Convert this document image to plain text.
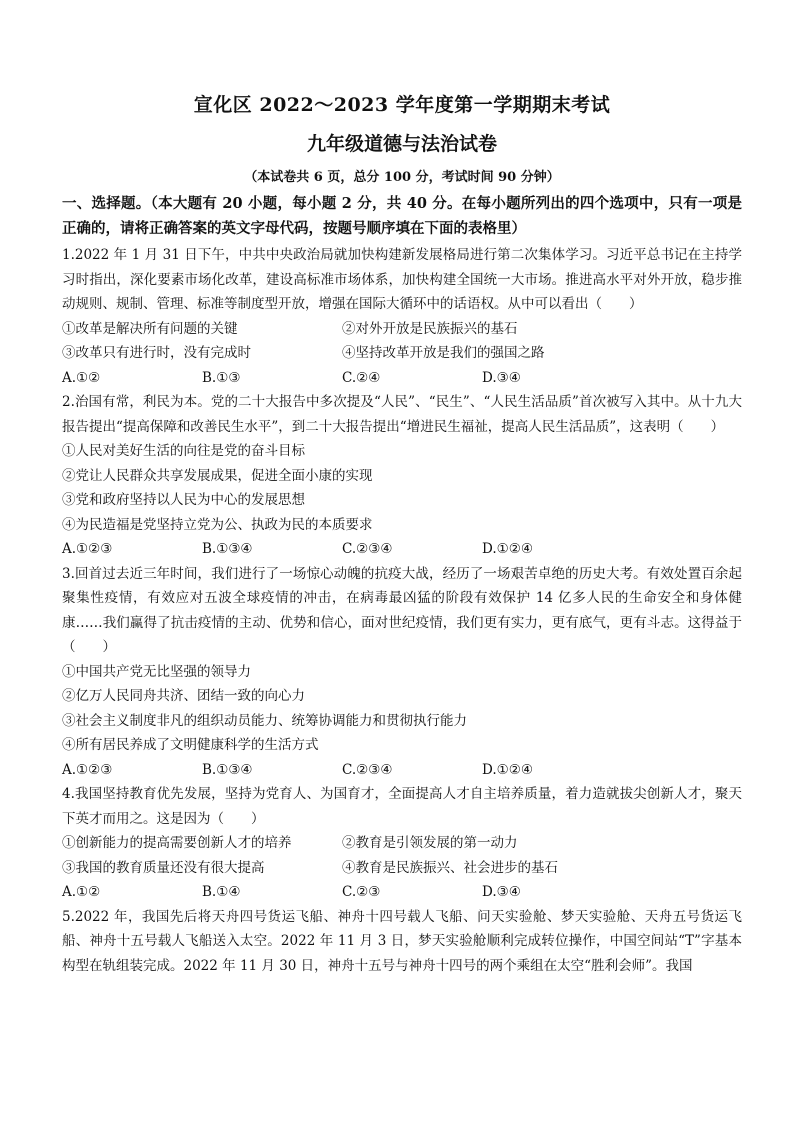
宣化区 2022～2023 学年度第一学期期末考试
九年级道德与法治试卷
（本试卷共 6 页，总分 100 分，考试时间 90 分钟）
一、选择题。（本大题有 20 小题，每小题 2 分，共 40 分。在每小题所列出的四个选项中，只有一项是正确的，请将正确答案的英文字母代码，按题号顺序填在下面的表格里）

1.2022 年 1 月 31 日下午，中共中央政治局就加快构建新发展格局进行第二次集体学习。习近平总书记在主持学习时指出，深化要素市场化改革，建设高标准市场体系，加快构建全国统一大市场。推进高水平对外开放，稳步推动规则、规制、管理、标准等制度型开放，增强在国际大循环中的话语权。从中可以看出（　　）

①改革是解决所有问题的关键	②对外开放是民族振兴的基石
③改革只有进行时，没有完成时	④坚持改革开放是我们的强国之路
A.①②	B.①③	C.②④	D.③④

2.治国有常，利民为本。党的二十大报告中多次提及“人民”、“民生”、“人民生活品质”首次被写入其中。从十九大报告提出“提高保障和改善民生水平”，到二十大报告提出“增进民生福祉，提高人民生活品质”，这表明（　　）

①人民对美好生活的向往是党的奋斗目标

②党让人民群众共享发展成果，促进全面小康的实现

③党和政府坚持以人民为中心的发展思想

④为民造福是党坚持立党为公、执政为民的本质要求

A.①②③	B.①③④	C.②③④	D.①②④

3.回首过去近三年时间，我们进行了一场惊心动魄的抗疫大战，经历了一场艰苦卓绝的历史大考。有效处置百余起聚集性疫情，有效应对五波全球疫情的冲击，在病毒最凶猛的阶段有效保护 14 亿多人民的生命安全和身体健康……我们赢得了抗击疫情的主动、优势和信心，面对世纪疫情，我们更有实力，更有底气，更有斗志。这得益于（　　）

①中国共产党无比坚强的领导力

②亿万人民同舟共济、团结一致的向心力

③社会主义制度非凡的组织动员能力、统筹协调能力和贯彻执行能力

④所有居民养成了文明健康科学的生活方式

A.①②③	B.①③④	C.②③④	D.①②④

4.我国坚持教育优先发展，坚持为党育人、为国育才，全面提高人才自主培养质量，着力造就拔尖创新人才，聚天下英才而用之。这是因为（　　）

①创新能力的提高需要创新人才的培养	②教育是引领发展的第一动力
③我国的教育质量还没有很大提高	④教育是民族振兴、社会进步的基石
A.①②	B.①④	C.②③	D.③④

5.2022 年，我国先后将天舟四号货运飞船、神舟十四号载人飞船、问天实验舱、梦天实验舱、天舟五号货运飞船、神舟十五号载人飞船送入太空。2022 年 11 月 3 日，梦天实验舱顺利完成转位操作，中国空间站“T”字基本构型在轨组装完成。2022 年 11 月 30 日，神舟十五号与神舟十四号的两个乘组在太空“胜利会师”。我国
